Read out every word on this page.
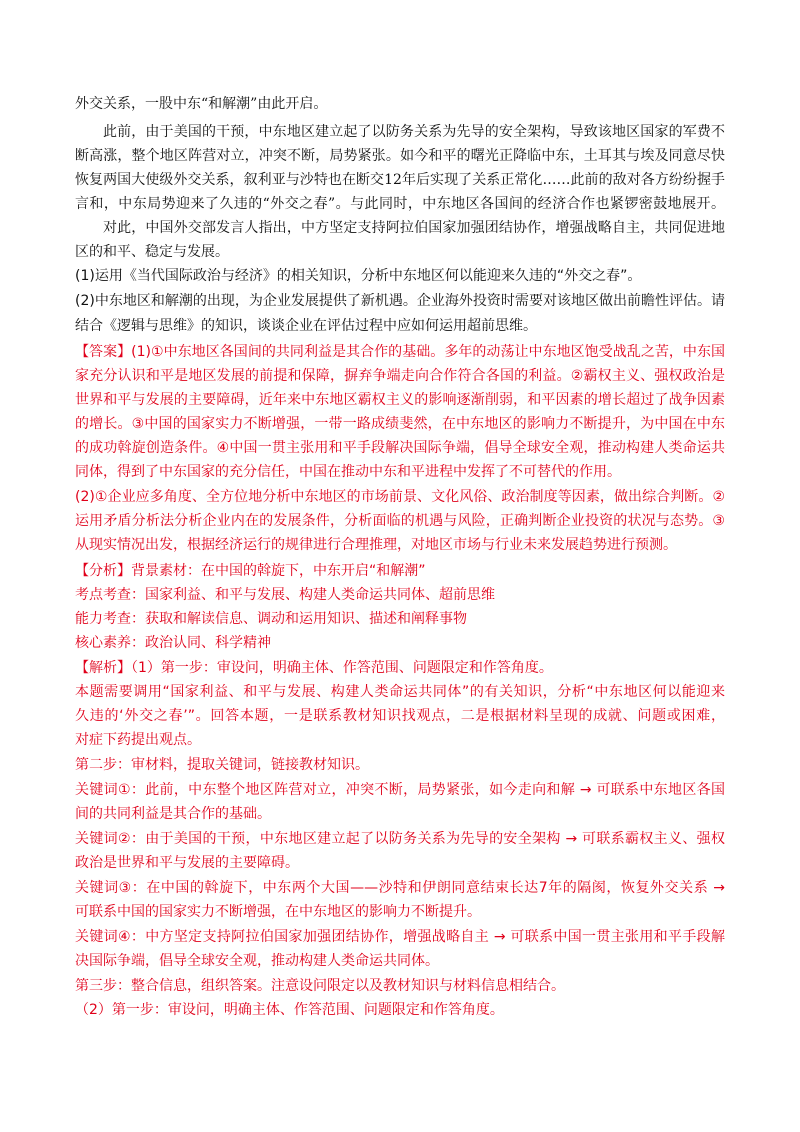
外交关系，一股中东“和解潮”由此开启。
此前，由于美国的干预，中东地区建立起了以防务关系为先导的安全架构，导致该地区国家的军费不
断高涨，整个地区阵营对立，冲突不断，局势紧张。如今和平的曙光正降临中东，土耳其与埃及同意尽快
恢复两国大使级外交关系，叙利亚与沙特也在断交12年后实现了关系正常化……此前的敌对各方纷纷握手
言和，中东局势迎来了久违的“外交之春”。与此同时，中东地区各国间的经济合作也紧锣密鼓地展开。
对此，中国外交部发言人指出，中方坚定支持阿拉伯国家加强团结协作，增强战略自主，共同促进地
区的和平、稳定与发展。
(1)运用《当代国际政治与经济》的相关知识，分析中东地区何以能迎来久违的“外交之春”。
(2)中东地区和解潮的出现，为企业发展提供了新机遇。企业海外投资时需要对该地区做出前瞻性评估。请
结合《逻辑与思维》的知识，谈谈企业在评估过程中应如何运用超前思维。
【答案】(1)①中东地区各国间的共同利益是其合作的基础。多年的动荡让中东地区饱受战乱之苦，中东国
家充分认识和平是地区发展的前提和保障，摒弃争端走向合作符合各国的利益。②霸权主义、强权政治是
世界和平与发展的主要障碍，近年来中东地区霸权主义的影响逐渐削弱，和平因素的增长超过了战争因素
的增长。③中国的国家实力不断增强，一带一路成绩斐然，在中东地区的影响力不断提升，为中国在中东
的成功斡旋创造条件。④中国一贯主张用和平手段解决国际争端，倡导全球安全观，推动构建人类命运共
同体，得到了中东国家的充分信任，中国在推动中东和平进程中发挥了不可替代的作用。
(2)①企业应多角度、全方位地分析中东地区的市场前景、文化风俗、政治制度等因素，做出综合判断。②
运用矛盾分析法分析企业内在的发展条件，分析面临的机遇与风险，正确判断企业投资的状况与态势。③
从现实情况出发，根据经济运行的规律进行合理推理，对地区市场与行业未来发展趋势进行预测。
【分析】背景素材：在中国的斡旋下，中东开启“和解潮”
考点考查：国家利益、和平与发展、构建人类命运共同体、超前思维
能力考查：获取和解读信息、调动和运用知识、描述和阐释事物
核心素养：政治认同、科学精神
【解析】（1）第一步：审设问，明确主体、作答范围、问题限定和作答角度。
本题需要调用“国家利益、和平与发展、构建人类命运共同体”的有关知识，分析“中东地区何以能迎来
久违的‘外交之春’”。回答本题，一是联系教材知识找观点，二是根据材料呈现的成就、问题或困难，
对症下药提出观点。
第二步：审材料，提取关键词，链接教材知识。
关键词①：此前，中东整个地区阵营对立，冲突不断，局势紧张，如今走向和解 → 可联系中东地区各国
间的共同利益是其合作的基础。
关键词②：由于美国的干预，中东地区建立起了以防务关系为先导的安全架构 → 可联系霸权主义、强权
政治是世界和平与发展的主要障碍。
关键词③：在中国的斡旋下，中东两个大国——沙特和伊朗同意结束长达7年的隔阂，恢复外交关系 →
可联系中国的国家实力不断增强，在中东地区的影响力不断提升。
关键词④：中方坚定支持阿拉伯国家加强团结协作，增强战略自主 → 可联系中国一贯主张用和平手段解
决国际争端，倡导全球安全观，推动构建人类命运共同体。
第三步：整合信息，组织答案。注意设问限定以及教材知识与材料信息相结合。
（2）第一步：审设问，明确主体、作答范围、问题限定和作答角度。
